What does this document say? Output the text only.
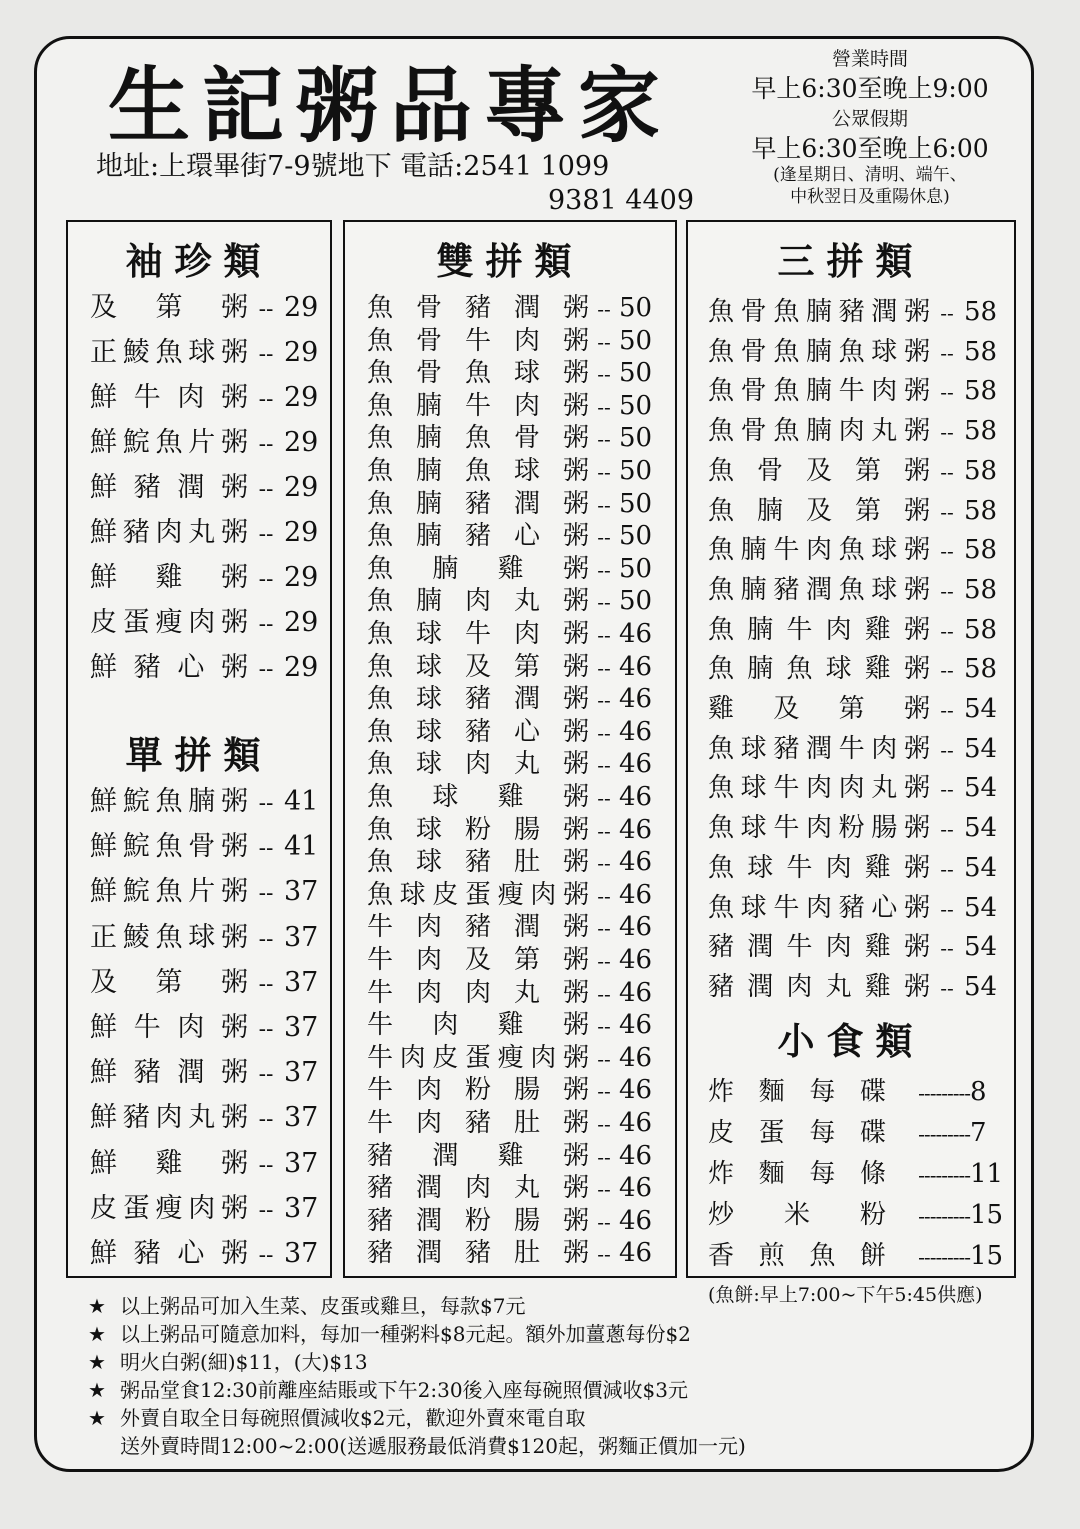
生記粥品專家
地址:上環畢街7-9號地下 電話:2541 1099
9381 4409
營業時間
早上6:30至晚上9:00
公眾假期
早上6:30至晚上6:00
(逢星期日、清明、端午、
中秋翌日及重陽休息)
袖珍類
及 第 粥 -- 29
正 鯪 魚 球 粥 -- 29
鮮 牛 肉 粥 -- 29
鮮 鯇 魚 片 粥 -- 29
鮮 豬 潤 粥 -- 29
鮮 豬 肉 丸 粥 -- 29
鮮 雞 粥 -- 29
皮 蛋 瘦 肉 粥 -- 29
鮮 豬 心 粥 -- 29
單拼類
鮮 鯇 魚 腩 粥 -- 41
鮮 鯇 魚 骨 粥 -- 41
鮮 鯇 魚 片 粥 -- 37
正 鯪 魚 球 粥 -- 37
及 第 粥 -- 37
鮮 牛 肉 粥 -- 37
鮮 豬 潤 粥 -- 37
鮮 豬 肉 丸 粥 -- 37
鮮 雞 粥 -- 37
皮 蛋 瘦 肉 粥 -- 37
鮮 豬 心 粥 -- 37
雙拼類
魚 骨 豬 潤 粥 -- 50
魚 骨 牛 肉 粥 -- 50
魚 骨 魚 球 粥 -- 50
魚 腩 牛 肉 粥 -- 50
魚 腩 魚 骨 粥 -- 50
魚 腩 魚 球 粥 -- 50
魚 腩 豬 潤 粥 -- 50
魚 腩 豬 心 粥 -- 50
魚 腩 雞 粥 -- 50
魚 腩 肉 丸 粥 -- 50
魚 球 牛 肉 粥 -- 46
魚 球 及 第 粥 -- 46
魚 球 豬 潤 粥 -- 46
魚 球 豬 心 粥 -- 46
魚 球 肉 丸 粥 -- 46
魚 球 雞 粥 -- 46
魚 球 粉 腸 粥 -- 46
魚 球 豬 肚 粥 -- 46
魚 球 皮 蛋 瘦 肉 粥 -- 46
牛 肉 豬 潤 粥 -- 46
牛 肉 及 第 粥 -- 46
牛 肉 肉 丸 粥 -- 46
牛 肉 雞 粥 -- 46
牛 肉 皮 蛋 瘦 肉 粥 -- 46
牛 肉 粉 腸 粥 -- 46
牛 肉 豬 肚 粥 -- 46
豬 潤 雞 粥 -- 46
豬 潤 肉 丸 粥 -- 46
豬 潤 粉 腸 粥 -- 46
豬 潤 豬 肚 粥 -- 46
三拼類
魚 骨 魚 腩 豬 潤 粥 -- 58
魚 骨 魚 腩 魚 球 粥 -- 58
魚 骨 魚 腩 牛 肉 粥 -- 58
魚 骨 魚 腩 肉 丸 粥 -- 58
魚 骨 及 第 粥 -- 58
魚 腩 及 第 粥 -- 58
魚 腩 牛 肉 魚 球 粥 -- 58
魚 腩 豬 潤 魚 球 粥 -- 58
魚 腩 牛 肉 雞 粥 -- 58
魚 腩 魚 球 雞 粥 -- 58
雞 及 第 粥 -- 54
魚 球 豬 潤 牛 肉 粥 -- 54
魚 球 牛 肉 肉 丸 粥 -- 54
魚 球 牛 肉 粉 腸 粥 -- 54
魚 球 牛 肉 雞 粥 -- 54
魚 球 牛 肉 豬 心 粥 -- 54
豬 潤 牛 肉 雞 粥 -- 54
豬 潤 肉 丸 雞 粥 -- 54
小食類
炸 麵 每 碟	--------- 8
皮 蛋 每 碟	--------- 7
炸 麵 每 條	--------- 11
炒 米 粉	--------- 15
香 煎 魚 餅	--------- 15
(魚餅:早上7:00~下午5:45供應)
★ 以上粥品可加入生菜、皮蛋或雞旦，每款$7元
★ 以上粥品可隨意加料，每加一種粥料$8元起。額外加薑蔥每份$2
★ 明火白粥(細)$11，(大)$13
★ 粥品堂食12:30前離座結賬或下午2:30後入座每碗照價減收$3元
★ 外賣自取全日每碗照價減收$2元，歡迎外賣來電自取
送外賣時間12:00~2:00(送遞服務最低消費$120起，粥麵正價加一元)
